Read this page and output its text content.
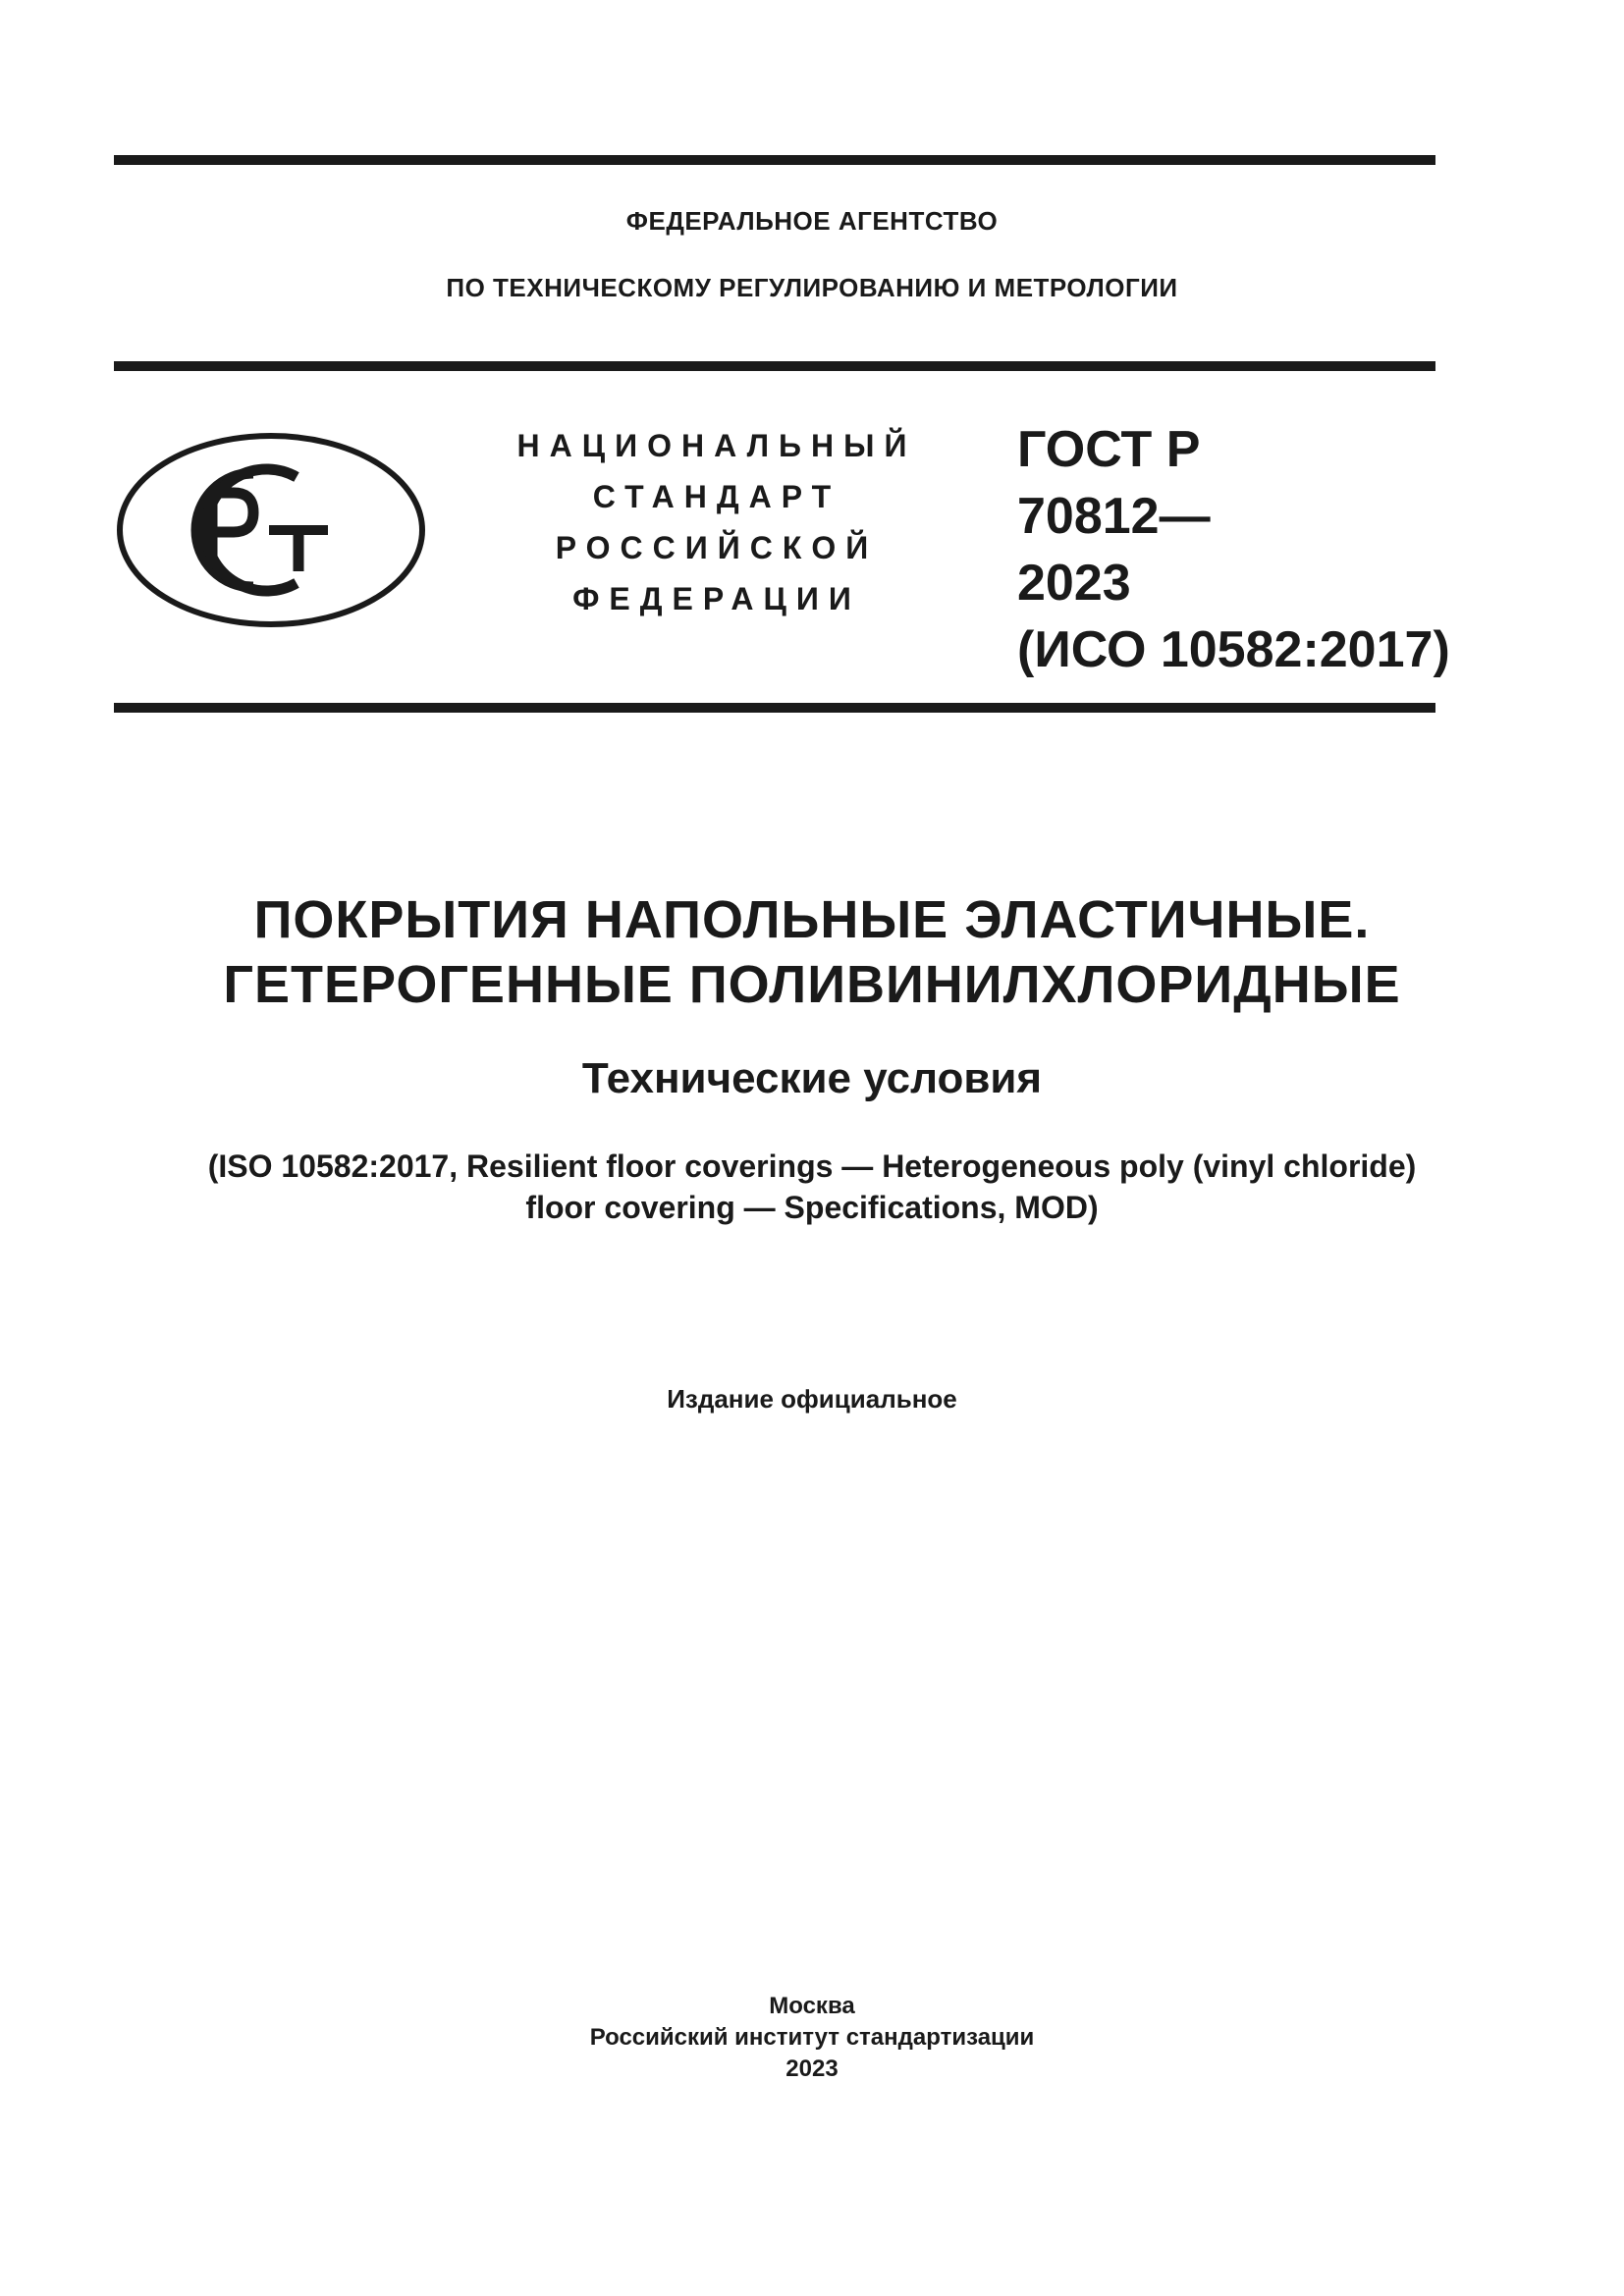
ФЕДЕРАЛЬНОЕ АГЕНТСТВО
ПО ТЕХНИЧЕСКОМУ РЕГУЛИРОВАНИЮ И МЕТРОЛОГИИ
НАЦИОНАЛЬНЫЙ
СТАНДАРТ
РОССИЙСКОЙ
ФЕДЕРАЦИИ
ГОСТ Р
70812—
2023
(ИСО 10582:2017)
ПОКРЫТИЯ НАПОЛЬНЫЕ ЭЛАСТИЧНЫЕ.
ГЕТЕРОГЕННЫЕ ПОЛИВИНИЛХЛОРИДНЫЕ
Технические условия
(ISO 10582:2017, Resilient floor coverings — Heterogeneous poly (vinyl chloride)
floor covering — Specifications, MOD)
Издание официальное
Москва
Российский институт стандартизации
2023
